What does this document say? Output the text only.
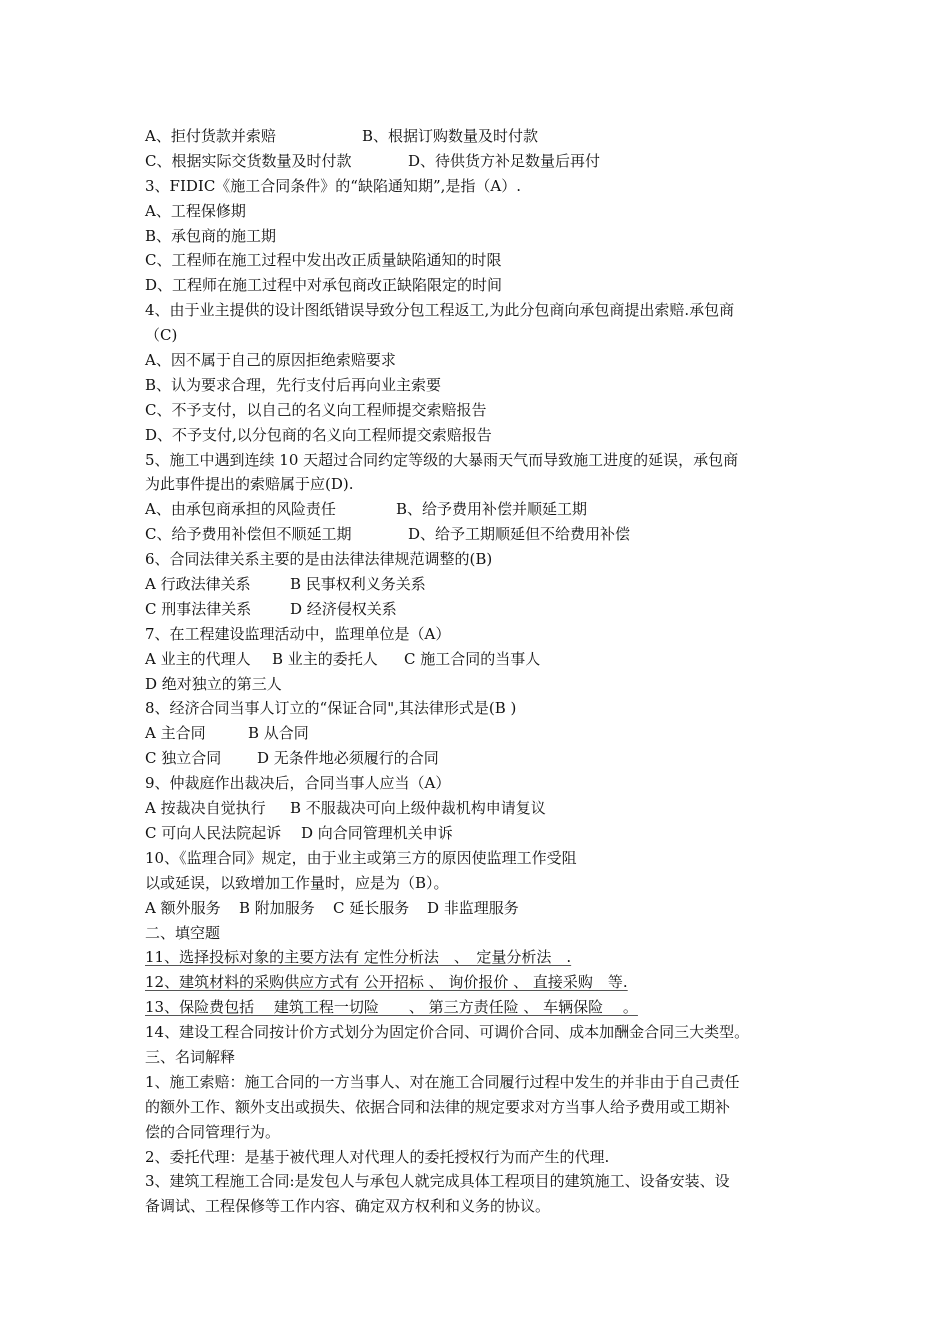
A、拒付货款并索赔	B、根据订购数量及时付款
C、根据实际交货数量及时付款	D、待供货方补足数量后再付
3、FIDIC《施工合同条件》的“缺陷通知期”,是指（A）.
A、工程保修期
B、承包商的施工期
C、工程师在施工过程中发出改正质量缺陷通知的时限
D、工程师在施工过程中对承包商改正缺陷限定的时间
4、由于业主提供的设计图纸错误导致分包工程返工,为此分包商向承包商提出索赔.承包商
（C)
A、因不属于自己的原因拒绝索赔要求
B、认为要求合理，先行支付后再向业主索要
C、不予支付，以自己的名义向工程师提交索赔报告
D、不予支付,以分包商的名义向工程师提交索赔报告
5、施工中遇到连续 10 天超过合同约定等级的大暴雨天气而导致施工进度的延误，承包商
为此事件提出的索赔属于应(D).
A、由承包商承担的风险责任	B、给予费用补偿并顺延工期
C、给予费用补偿但不顺延工期	D、给予工期顺延但不给费用补偿
6、合同法律关系主要的是由法律法律规范调整的(B)
A 行政法律关系	B 民事权利义务关系
C 刑事法律关系	D 经济侵权关系
7、在工程建设监理活动中，监理单位是（A）
A 业主的代理人 B 业主的委托人 C 施工合同的当事人
D 绝对独立的第三人
8、经济合同当事人订立的“保证合同",其法律形式是(B )
A 主合同	B 从合同
C 独立合同 D 无条件地必须履行的合同
9、仲裁庭作出裁决后，合同当事人应当（A）
A 按裁决自觉执行 B 不服裁决可向上级仲裁机构申请复议
C 可向人民法院起诉 D 向合同管理机关申诉
10、《监理合同》规定，由于业主或第三方的原因使监理工作受阻
以或延误，以致增加工作量时，应是为（B）。
A 额外服务 B 附加服务 C 延长服务 D 非监理服务
二、填空题
11、选择投标对象的主要方法有 定性分析法　、　定量分析法　.
12、建筑材料的采购供应方式有 公开招标 、 询价报价 、 直接采购　等.
13、保险费包括 　建筑工程一切险　　、 第三方责任险 、 车辆保险　 。
14、建设工程合同按计价方式划分为固定价合同、可调价合同、成本加酬金合同三大类型。
三、名词解释
1、施工索赔：施工合同的一方当事人、对在施工合同履行过程中发生的并非由于自己责任
的额外工作、额外支出或损失、依据合同和法律的规定要求对方当事人给予费用或工期补
偿的合同管理行为。
2、委托代理：是基于被代理人对代理人的委托授权行为而产生的代理.
3、建筑工程施工合同:是发包人与承包人就完成具体工程项目的建筑施工、设备安装、设
备调试、工程保修等工作内容、确定双方权利和义务的协议。
